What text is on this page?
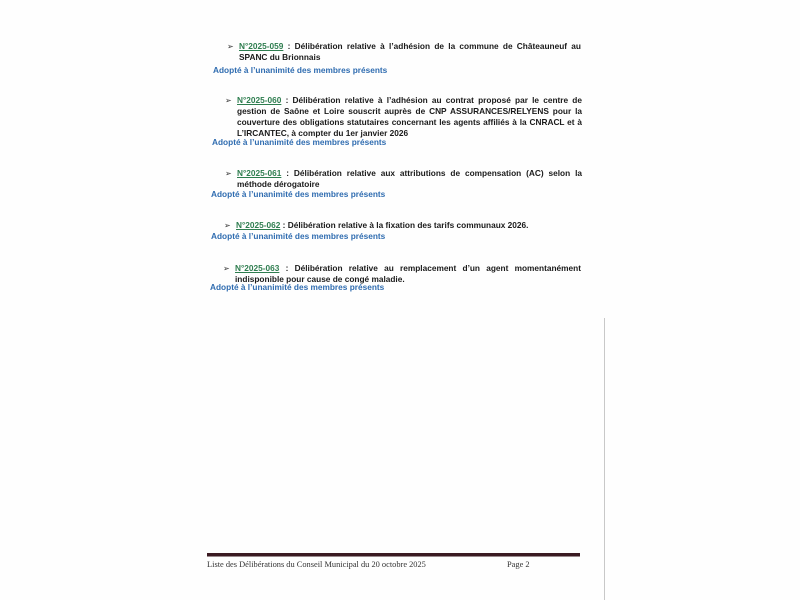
➢ N°2025-059 : Délibération relative à l’adhésion de la commune de Châteauneuf au SPANC du Brionnais
Adopté à l’unanimité des membres présents
➢ N°2025-060 : Délibération relative à l’adhésion au contrat proposé par le centre de gestion de Saône et Loire souscrit auprès de CNP ASSURANCES/RELYENS pour la couverture des obligations statutaires concernant les agents affiliés à la CNRACL et à L’IRCANTEC, à compter du 1er janvier 2026
Adopté à l’unanimité des membres présents
➢ N°2025-061 : Délibération relative aux attributions de compensation (AC) selon la méthode dérogatoire
Adopté à l’unanimité des membres présents
➢ N°2025-062 : Délibération relative à la fixation des tarifs communaux 2026.
Adopté à l’unanimité des membres présents
➢ N°2025-063 : Délibération relative au remplacement d’un agent momentanément indisponible pour cause de congé maladie.
Adopté à l’unanimité des membres présents
Liste des Délibérations du Conseil Municipal du 20 octobre 2025	Page 2
